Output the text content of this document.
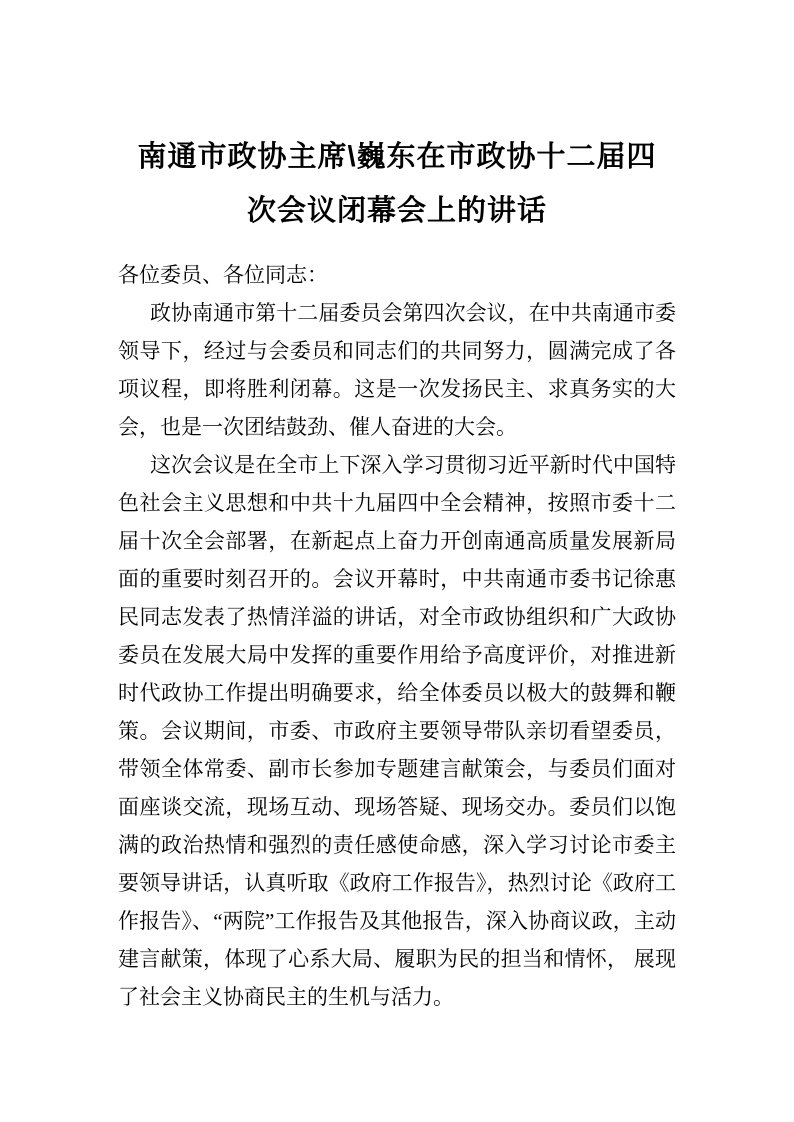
南通市政协主席\巍东在市政协十二届四
次会议闭幕会上的讲话

各位委员、各位同志：

政协南通市第十二届委员会第四次会议，在中共南通市委领导下，经过与会委员和同志们的共同努力，圆满完成了各项议程，即将胜利闭幕。这是一次发扬民主、求真务实的大会，也是一次团结鼓劲、催人奋进的大会。

这次会议是在全市上下深入学习贯彻习近平新时代中国特色社会主义思想和中共十九届四中全会精神，按照市委十二届十次全会部署，在新起点上奋力开创南通高质量发展新局面的重要时刻召开的。会议开幕时，中共南通市委书记徐惠民同志发表了热情洋溢的讲话，对全市政协组织和广大政协委员在发展大局中发挥的重要作用给予高度评价，对推进新时代政协工作提出明确要求，给全体委员以极大的鼓舞和鞭策。会议期间，市委、市政府主要领导带队亲切看望委员，带领全体常委、副市长参加专题建言献策会，与委员们面对面座谈交流，现场互动、现场答疑、现场交办。委员们以饱满的政治热情和强烈的责任感使命感，深入学习讨论市委主要领导讲话，认真听取《政府工作报告》，热烈讨论《政府工作报告》、“两院”工作报告及其他报告，深入协商议政，主动建言献策，体现了心系大局、履职为民的担当和情怀， 展现了社会主义协商民主的生机与活力。
